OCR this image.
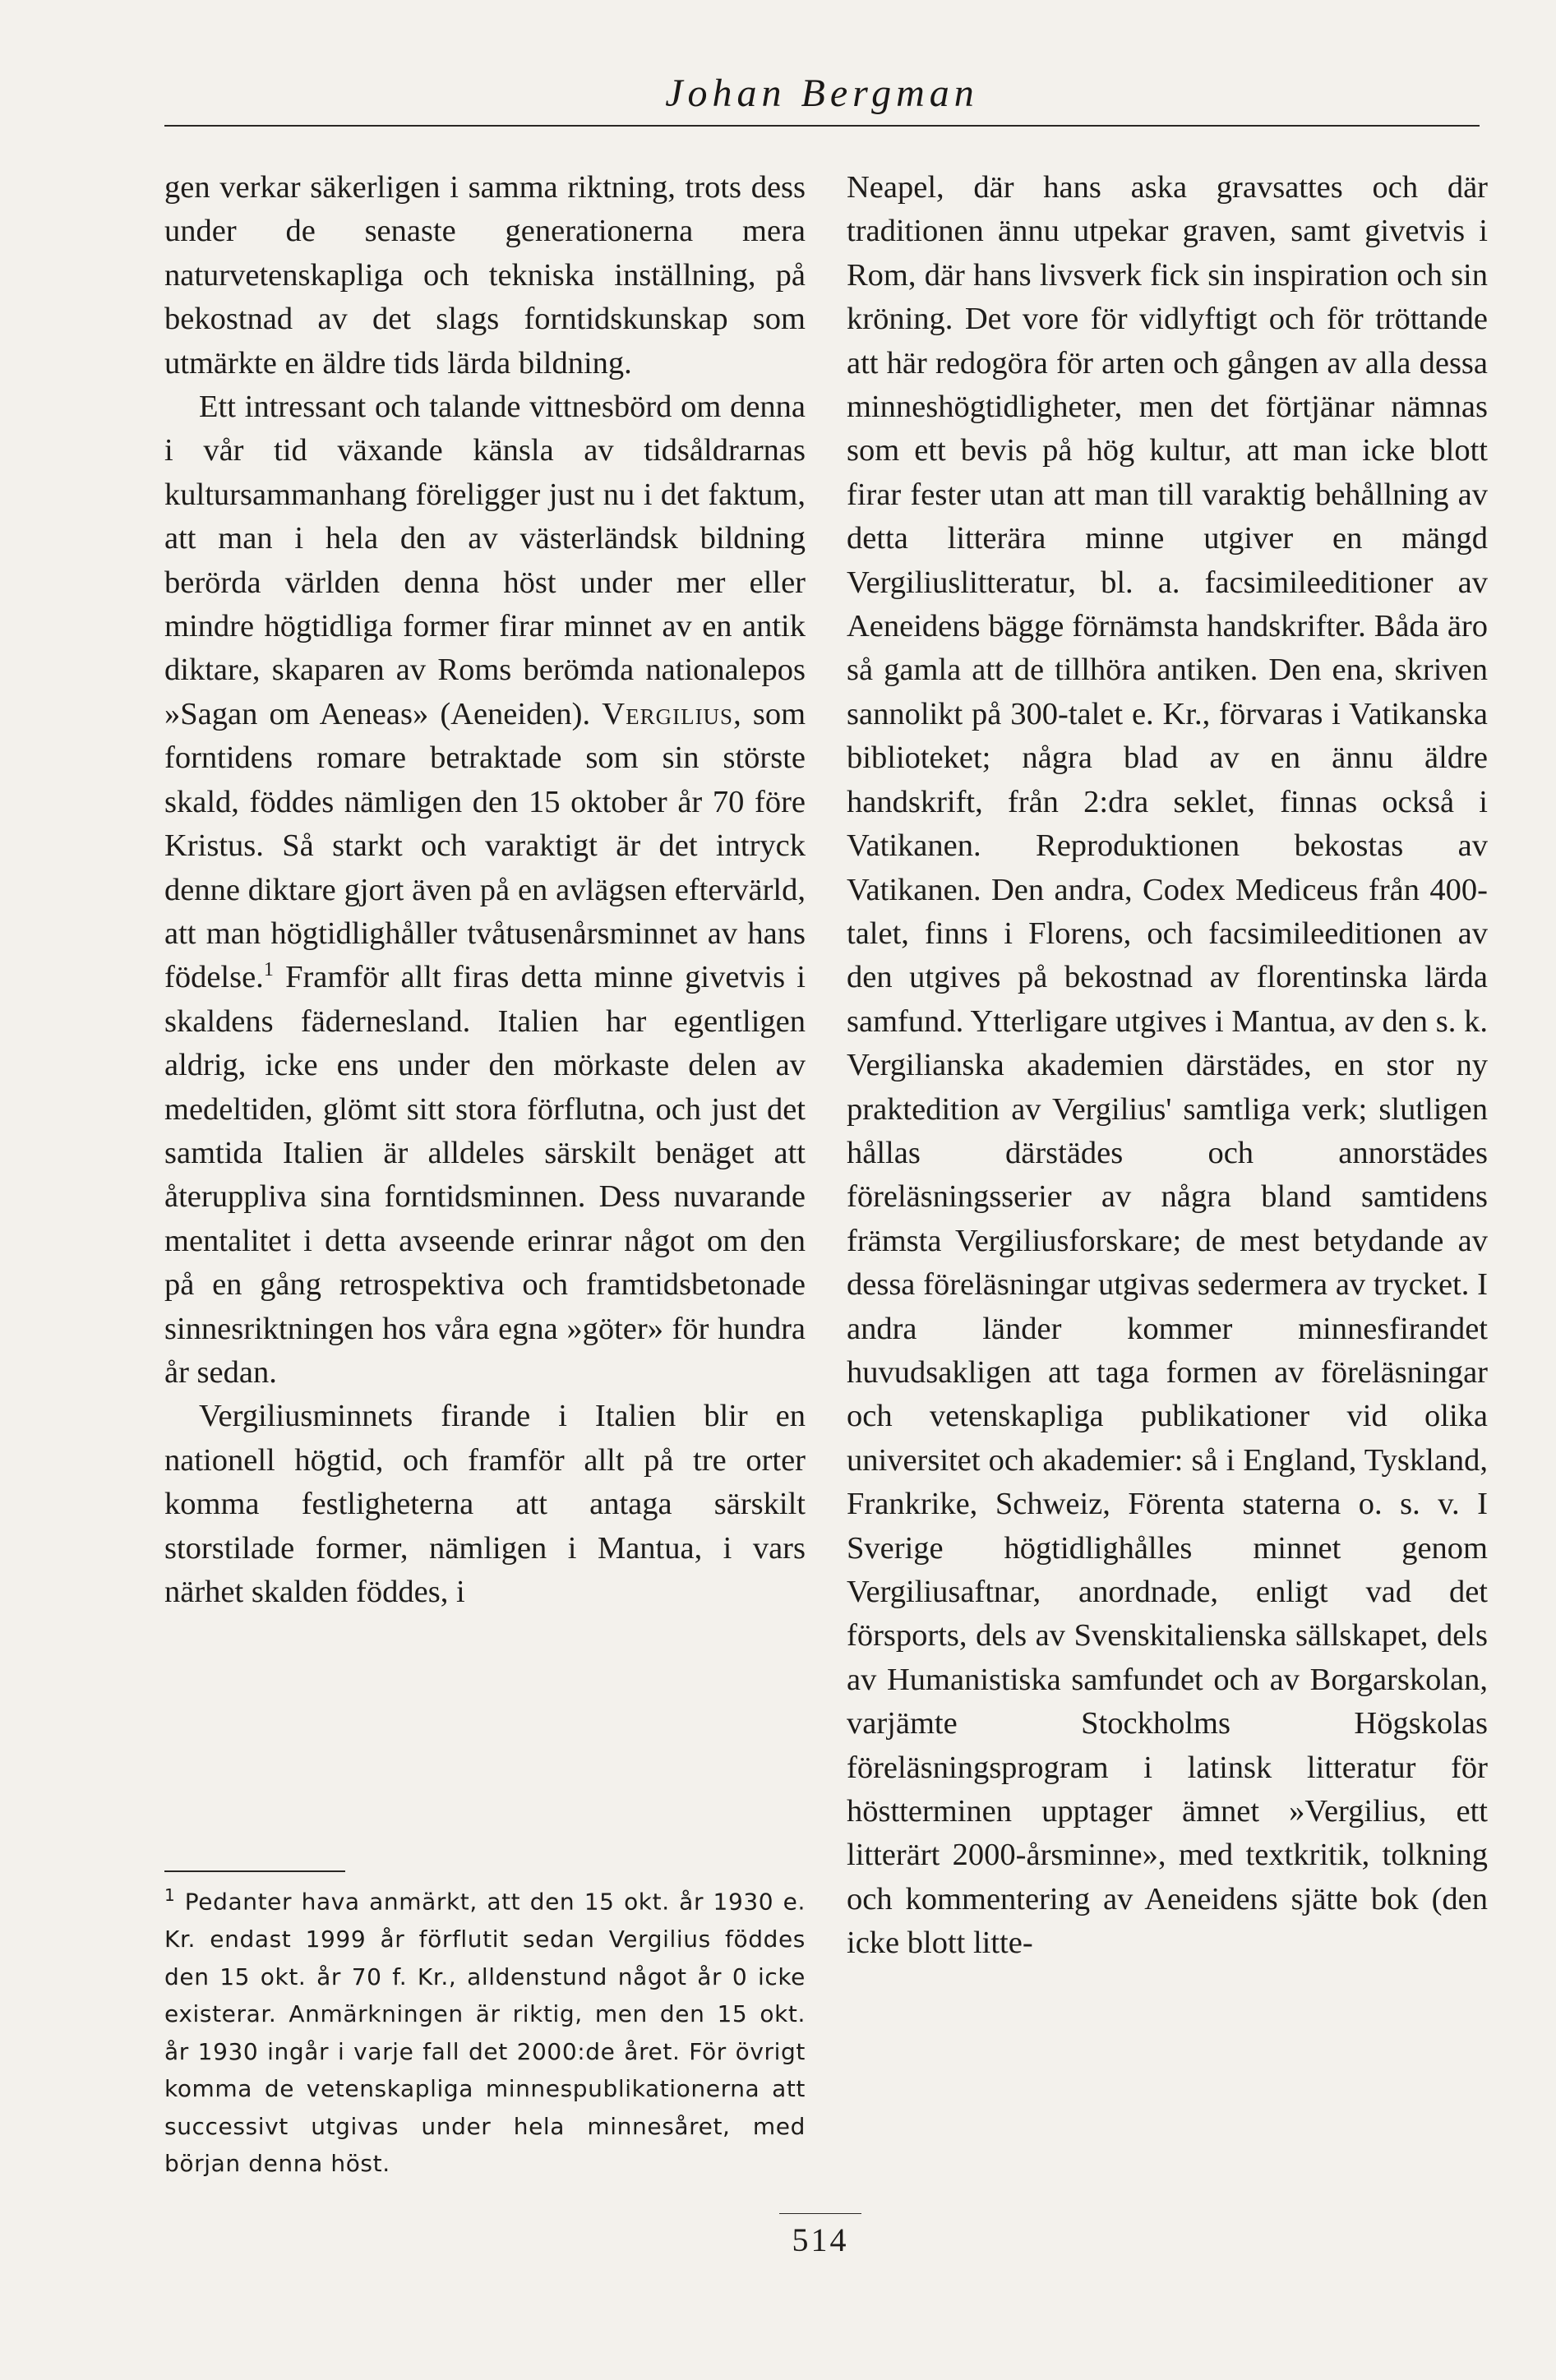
Johan Bergman

gen verkar säkerligen i samma riktning, trots dess under de senaste generationerna mera naturvetenskapliga och tekniska inställning, på bekostnad av det slags forntidskunskap som utmärkte en äldre tids lärda bildning.

Ett intressant och talande vittnesbörd om denna i vår tid växande känsla av tidsåldrarnas kultursammanhang föreligger just nu i det faktum, att man i hela den av västerländsk bildning berörda världen denna höst under mer eller mindre högtidliga former firar minnet av en antik diktare, skaparen av Roms berömda nationalepos »Sagan om Aeneas» (Aeneiden). Vergilius, som forntidens romare betraktade som sin störste skald, föddes nämligen den 15 oktober år 70 före Kristus. Så starkt och varaktigt är det intryck denne diktare gjort även på en avlägsen eftervärld, att man högtidlighåller tvåtusenårsminnet av hans födelse.$^1$ Framför allt firas detta minne givetvis i skaldens fädernesland. Italien har egentligen aldrig, icke ens under den mörkaste delen av medeltiden, glömt sitt stora förflutna, och just det samtida Italien är alldeles särskilt benäget att återuppliva sina forntidsminnen. Dess nuvarande mentalitet i detta avseende erinrar något om den på en gång retrospektiva och framtidsbetonade sinnesriktningen hos våra egna »göter» för hundra år sedan.

Vergiliusminnets firande i Italien blir en nationell högtid, och framför allt på tre orter komma festligheterna att antaga särskilt storstilade former, nämligen i Mantua, i vars närhet skalden föddes, i

Neapel, där hans aska gravsattes och där traditionen ännu utpekar graven, samt givetvis i Rom, där hans livsverk fick sin inspiration och sin kröning. Det vore för vidlyftigt och för tröttande att här redogöra för arten och gången av alla dessa minneshögtidligheter, men det förtjänar nämnas som ett bevis på hög kultur, att man icke blott firar fester utan att man till varaktig behållning av detta litterära minne utgiver en mängd Vergiliuslitteratur, bl. a. facsimileeditioner av Aeneidens bägge förnämsta handskrifter. Båda äro så gamla att de tillhöra antiken. Den ena, skriven sannolikt på 300-talet e. Kr., förvaras i Vatikanska biblioteket; några blad av en ännu äldre handskrift, från 2:dra seklet, finnas också i Vatikanen. Reproduktionen bekostas av Vatikanen. Den andra, Codex Mediceus från 400-talet, finns i Florens, och facsimileeditionen av den utgives på bekostnad av florentinska lärda samfund. Ytterligare utgives i Mantua, av den s. k. Vergilianska akademien därstädes, en stor ny praktedition av Vergilius' samtliga verk; slutligen hållas därstädes och annorstädes föreläsningsserier av några bland samtidens främsta Vergiliusforskare; de mest betydande av dessa föreläsningar utgivas sedermera av trycket. I andra länder kommer minnesfirandet huvudsakligen att taga formen av föreläsningar och vetenskapliga publikationer vid olika universitet och akademier: så i England, Tyskland, Frankrike, Schweiz, Förenta staterna o. s. v. I Sverige högtidlighålles minnet genom Vergiliusaftnar, anordnade, enligt vad det försports, dels av Svenskitalienska sällskapet, dels av Humanistiska samfundet och av Borgarskolan, varjämte Stockholms Högskolas föreläsningsprogram i latinsk litteratur för höstterminen upptager ämnet »Vergilius, ett litterärt 2000-årsminne», med textkritik, tolkning och kommentering av Aeneidens sjätte bok (den icke blott litte-

$^1$ Pedanter hava anmärkt, att den 15 okt. år 1930 e. Kr. endast 1999 år förflutit sedan Vergilius föddes den 15 okt. år 70 f. Kr., alldenstund något år 0 icke existerar. Anmärkningen är riktig, men den 15 okt. år 1930 ingår i varje fall det 2000:de året. För övrigt komma de vetenskapliga minnespublikationerna att successivt utgivas under hela minnesåret, med början denna höst.
514
